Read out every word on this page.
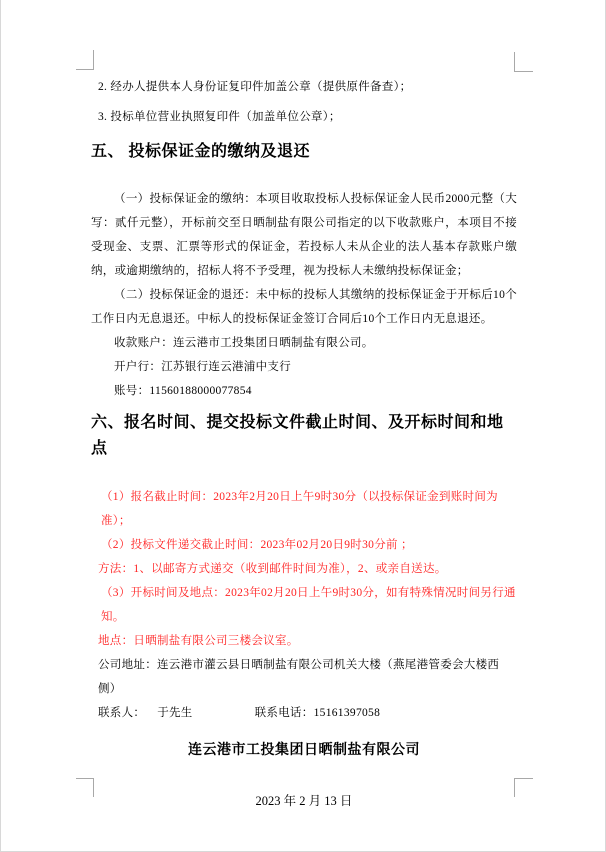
2. 经办人提供本人身份证复印件加盖公章（提供原件备查）；

3. 投标单位营业执照复印件（加盖单位公章）；

五、 投标保证金的缴纳及退还

（一）投标保证金的缴纳：本项目收取投标人投标保证金人民币2000元整（大写：贰仟元整），开标前交至日晒制盐有限公司指定的以下收款账户，本项目不接受现金、支票、汇票等形式的保证金，若投标人未从企业的法人基本存款账户缴纳，或逾期缴纳的，招标人将不予受理，视为投标人未缴纳投标保证金；

（二）投标保证金的退还：未中标的投标人其缴纳的投标保证金于开标后10个工作日内无息退还。中标人的投标保证金签订合同后10个工作日内无息退还。

收款账户：连云港市工投集团日晒制盐有限公司。

开户行：江苏银行连云港浦中支行

账号：11560188000077854

六、报名时间、提交投标文件截止时间、及开标时间和地点

（1）报名截止时间：2023年2月20日上午9时30分（以投标保证金到账时间为准）；

（2）投标文件递交截止时间：2023年02月20日9时30分前 ；

方法：1、以邮寄方式递交（收到邮件时间为准），2、或亲自送达。

（3）开标时间及地点：2023年02月20日上午9时30分，如有特殊情况时间另行通知。

地点：日晒制盐有限公司三楼会议室。

公司地址：连云港市灌云县日晒制盐有限公司机关大楼（燕尾港管委会大楼西侧）

联系人： 于先生	联系电话：15161397058

连云港市工投集团日晒制盐有限公司

2023 年 2 月 13 日
